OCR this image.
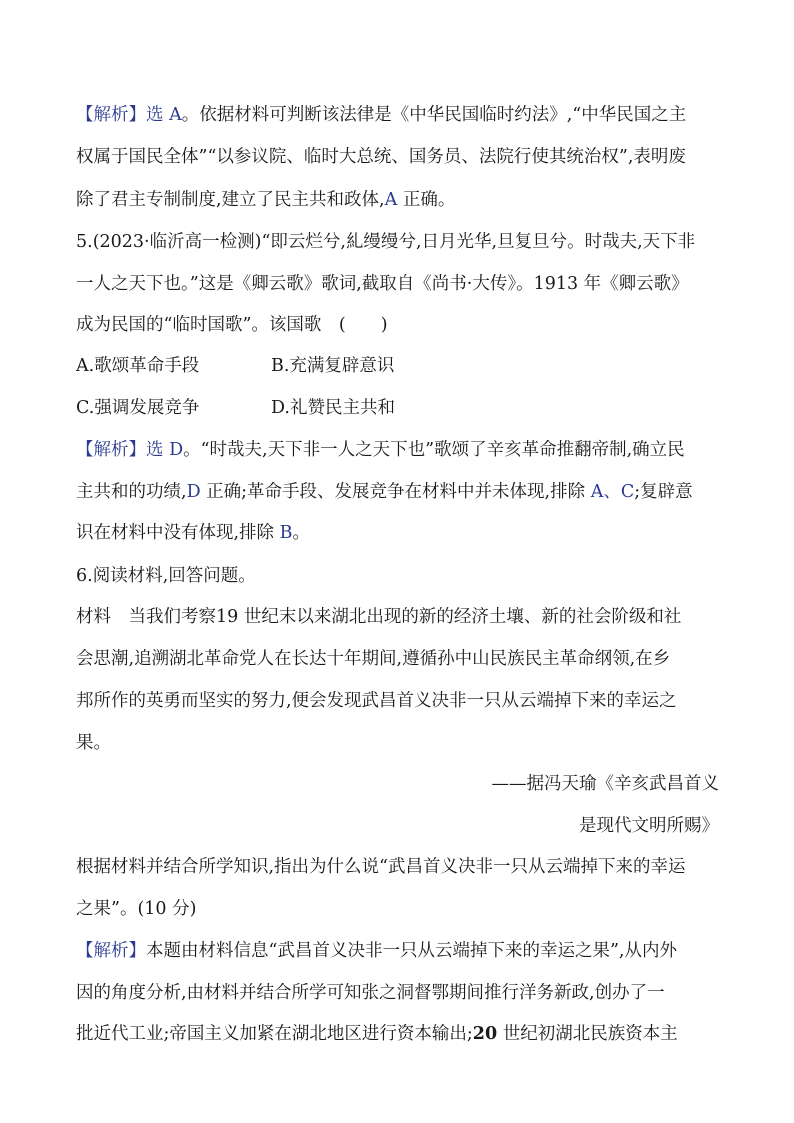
【解析】选 A。依据材料可判断该法律是《中华民国临时约法》,“中华民国之主
权属于国民全体”“以参议院、临时大总统、国务员、法院行使其统治权”,表明废
除了君主专制制度,建立了民主共和政体,A 正确。
5.(2023·临沂高一检测)“即云烂兮,糺缦缦兮,日月光华,旦复旦兮。时哉夫,天下非
一人之天下也。”这是《卿云歌》歌词,截取自《尚书·大传》。1913 年《卿云歌》
成为民国的“临时国歌”。该国歌　(　　)
A.歌颂革命手段	B.充满复辟意识
C.强调发展竞争	D.礼赞民主共和
【解析】选 D。“时哉夫,天下非一人之天下也”歌颂了辛亥革命推翻帝制,确立民
主共和的功绩,D 正确;革命手段、发展竞争在材料中并未体现,排除 A、C;复辟意
识在材料中没有体现,排除 B。
6.阅读材料,回答问题。
材料　当我们考察19 世纪末以来湖北出现的新的经济土壤、新的社会阶级和社
会思潮,追溯湖北革命党人在长达十年期间,遵循孙中山民族民主革命纲领,在乡
邦所作的英勇而坚实的努力,便会发现武昌首义决非一只从云端掉下来的幸运之
果。
——据冯天瑜《辛亥武昌首义
是现代文明所赐》
根据材料并结合所学知识,指出为什么说“武昌首义决非一只从云端掉下来的幸运
之果”。(10 分)
【解析】本题由材料信息“武昌首义决非一只从云端掉下来的幸运之果”,从内外
因的角度分析,由材料并结合所学可知张之洞督鄂期间推行洋务新政,创办了一
批近代工业;帝国主义加紧在湖北地区进行资本输出;20 世纪初湖北民族资本主
